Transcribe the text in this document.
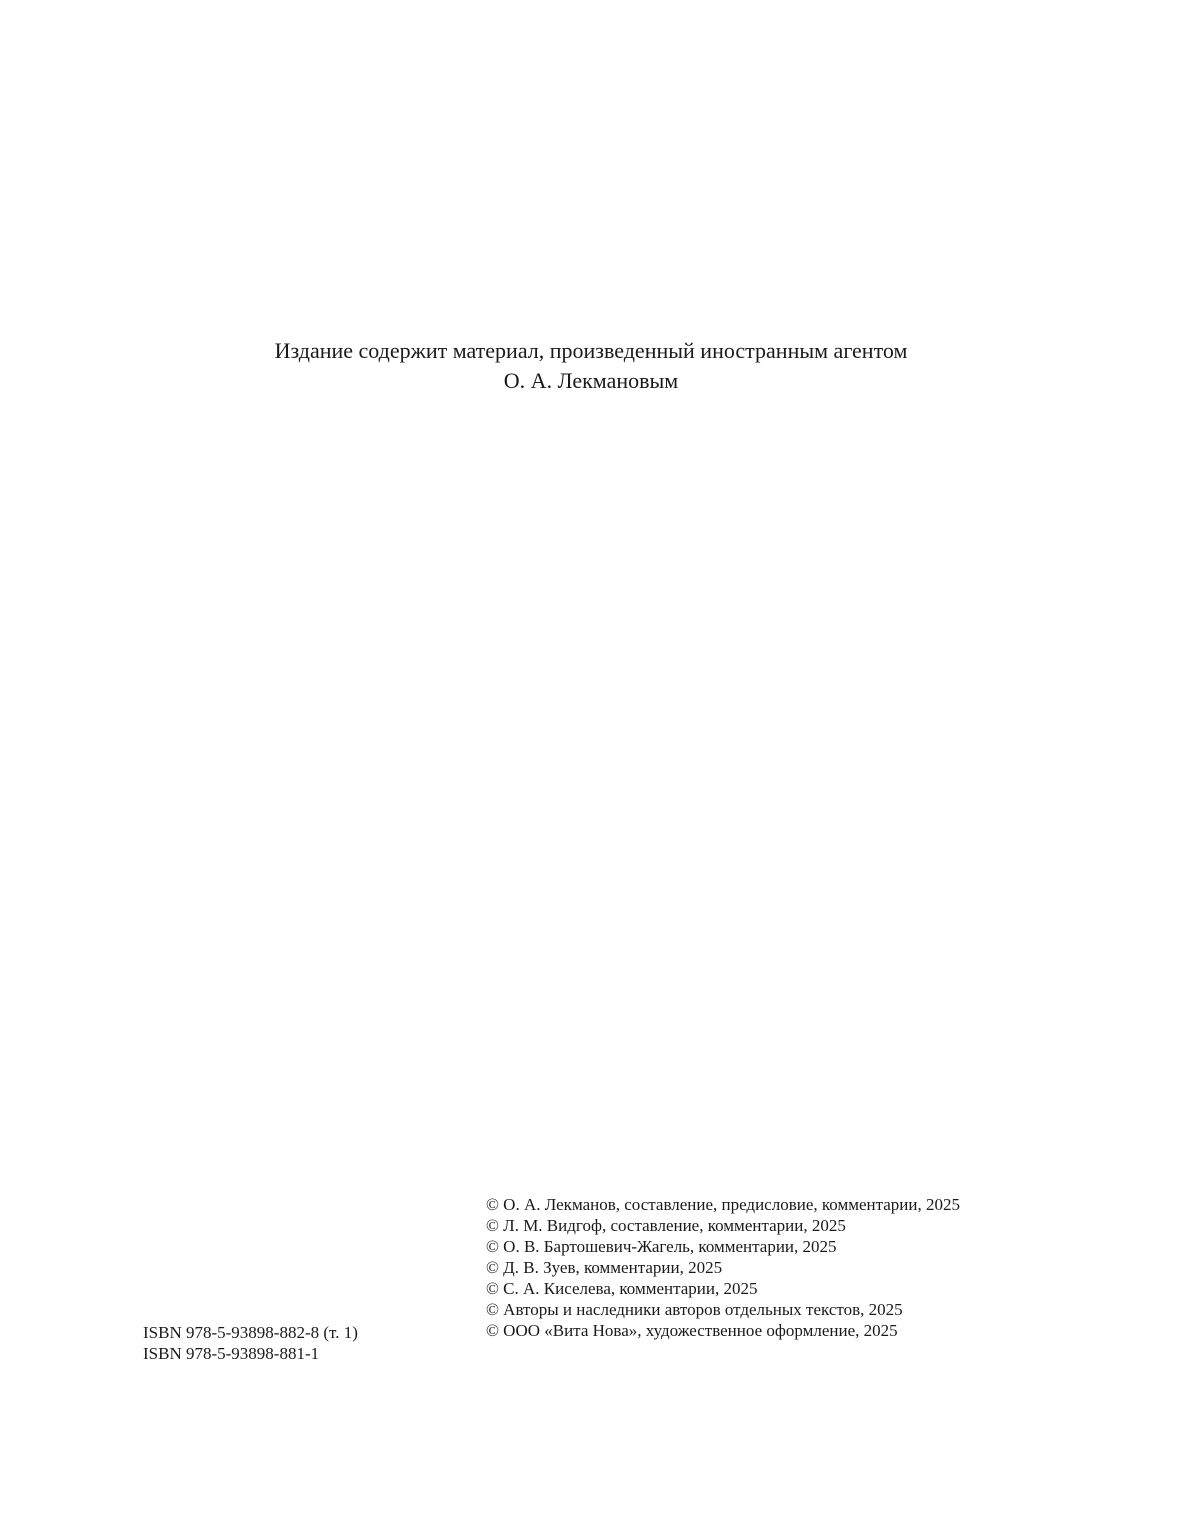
Издание содержит материал, произведенный иностранным агентом
О. А. Лекмановым
ISBN 978-5-93898-882-8 (т. 1)
ISBN 978-5-93898-881-1
© О. А. Лекманов, составление, предисловие, комментарии, 2025
© Л. М. Видгоф, составление, комментарии, 2025
© О. В. Бартошевич-Жагель, комментарии, 2025
© Д. В. Зуев, комментарии, 2025
© С. А. Киселева, комментарии, 2025
© Авторы и наследники авторов отдельных текстов, 2025
© ООО «Вита Нова», художественное оформление, 2025
